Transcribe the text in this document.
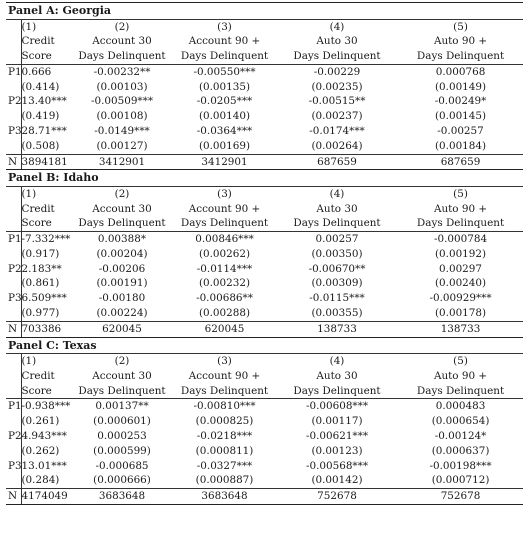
Panel A: Georgia					
	(1)	(2)	(3)	(4)	(5)
	Credit	Account 30	Account 90 +	Auto 30	Auto 90 +
	Score	Days Delinquent	Days Delinquent	Days Delinquent	Days Delinquent
P1	0.666	-0.00232**	-0.00550***	-0.00229	0.000768
	(0.414)	(0.00103)	(0.00135)	(0.00235)	(0.00149)
P2	13.40***	-0.00509***	-0.0205***	-0.00515**	-0.00249*
	(0.419)	(0.00108)	(0.00140)	(0.00237)	(0.00145)
P3	28.71***	-0.0149***	-0.0364***	-0.0174***	-0.00257
	(0.508)	(0.00127)	(0.00169)	(0.00264)	(0.00184)
N	3894181	3412901	3412901	687659	687659
Panel B: Idaho					
	(1)	(2)	(3)	(4)	(5)
	Credit	Account 30	Account 90 +	Auto 30	Auto 90 +
	Score	Days Delinquent	Days Delinquent	Days Delinquent	Days Delinquent
P1	-7.332***	0.00388*	0.00846***	0.00257	-0.000784
	(0.917)	(0.00204)	(0.00262)	(0.00350)	(0.00192)
P2	2.183**	-0.00206	-0.0114***	-0.00670**	0.00297
	(0.861)	(0.00191)	(0.00232)	(0.00309)	(0.00240)
P3	6.509***	-0.00180	-0.00686**	-0.0115***	-0.00929***
	(0.977)	(0.00224)	(0.00288)	(0.00355)	(0.00178)
N	703386	620045	620045	138733	138733
Panel C: Texas					
	(1)	(2)	(3)	(4)	(5)
	Credit	Account 30	Account 90 +	Auto 30	Auto 90 +
	Score	Days Delinquent	Days Delinquent	Days Delinquent	Days Delinquent
P1	-0.938***	0.00137**	-0.00810***	-0.00608***	0.000483
	(0.261)	(0.000601)	(0.000825)	(0.00117)	(0.000654)
P2	4.943***	0.000253	-0.0218***	-0.00621***	-0.00124*
	(0.262)	(0.000599)	(0.000811)	(0.00123)	(0.000637)
P3	13.01***	-0.000685	-0.0327***	-0.00568***	-0.00198***
	(0.284)	(0.000666)	(0.000887)	(0.00142)	(0.000712)
N	4174049	3683648	3683648	752678	752678
